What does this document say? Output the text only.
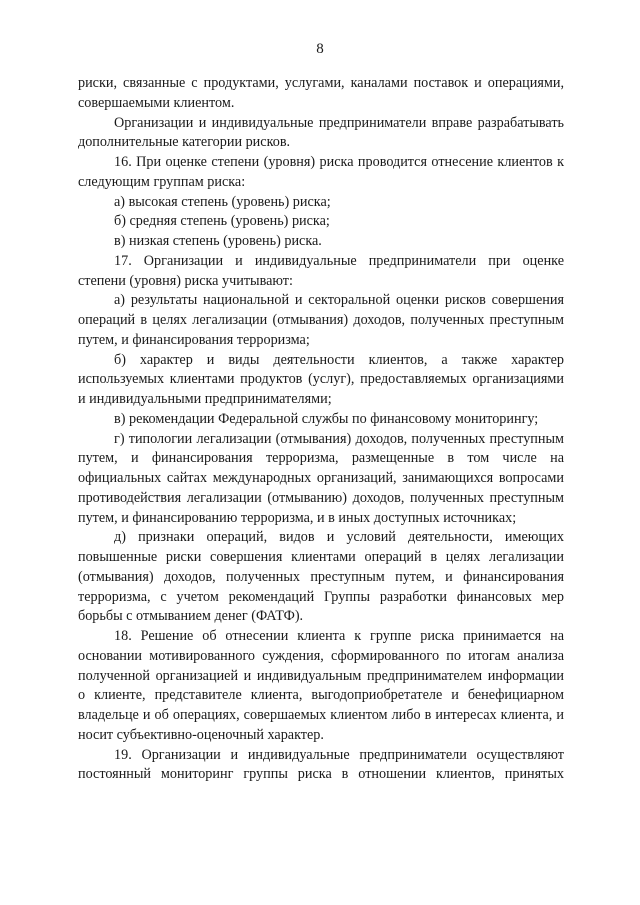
8

риски, связанные с продуктами, услугами, каналами поставок и операциями, совершаемыми клиентом.

Организации и индивидуальные предприниматели вправе разрабатывать дополнительные категории рисков.

16. При оценке степени (уровня) риска проводится отнесение клиентов к следующим группам риска:

а) высокая степень (уровень) риска;

б) средняя степень (уровень) риска;

в) низкая степень (уровень) риска.

17. Организации и индивидуальные предприниматели при оценке степени (уровня) риска учитывают:

а) результаты национальной и секторальной оценки рисков совершения операций в целях легализации (отмывания) доходов, полученных преступным путем, и финансирования терроризма;

б) характер и виды деятельности клиентов, а также характер используемых клиентами продуктов (услуг), предоставляемых организациями и индивидуальными предпринимателями;

в) рекомендации Федеральной службы по финансовому мониторингу;

г) типологии легализации (отмывания) доходов, полученных преступным путем, и финансирования терроризма, размещенные в том числе на официальных сайтах международных организаций, занимающихся вопросами противодействия легализации (отмыванию) доходов, полученных преступным путем, и финансированию терроризма, и в иных доступных источниках;

д) признаки операций, видов и условий деятельности, имеющих повышенные риски совершения клиентами операций в целях легализации (отмывания) доходов, полученных преступным путем, и финансирования терроризма, с учетом рекомендаций Группы разработки финансовых мер борьбы с отмыванием денег (ФАТФ).

18. Решение об отнесении клиента к группе риска принимается на основании мотивированного суждения, сформированного по итогам анализа полученной организацией и индивидуальным предпринимателем информации о клиенте, представителе клиента, выгодоприобретателе и бенефициарном владельце и об операциях, совершаемых клиентом либо в интересах клиента, и носит субъективно-оценочный характер.

19. Организации и индивидуальные предприниматели осуществляют постоянный мониторинг группы риска в отношении клиентов, принятых
